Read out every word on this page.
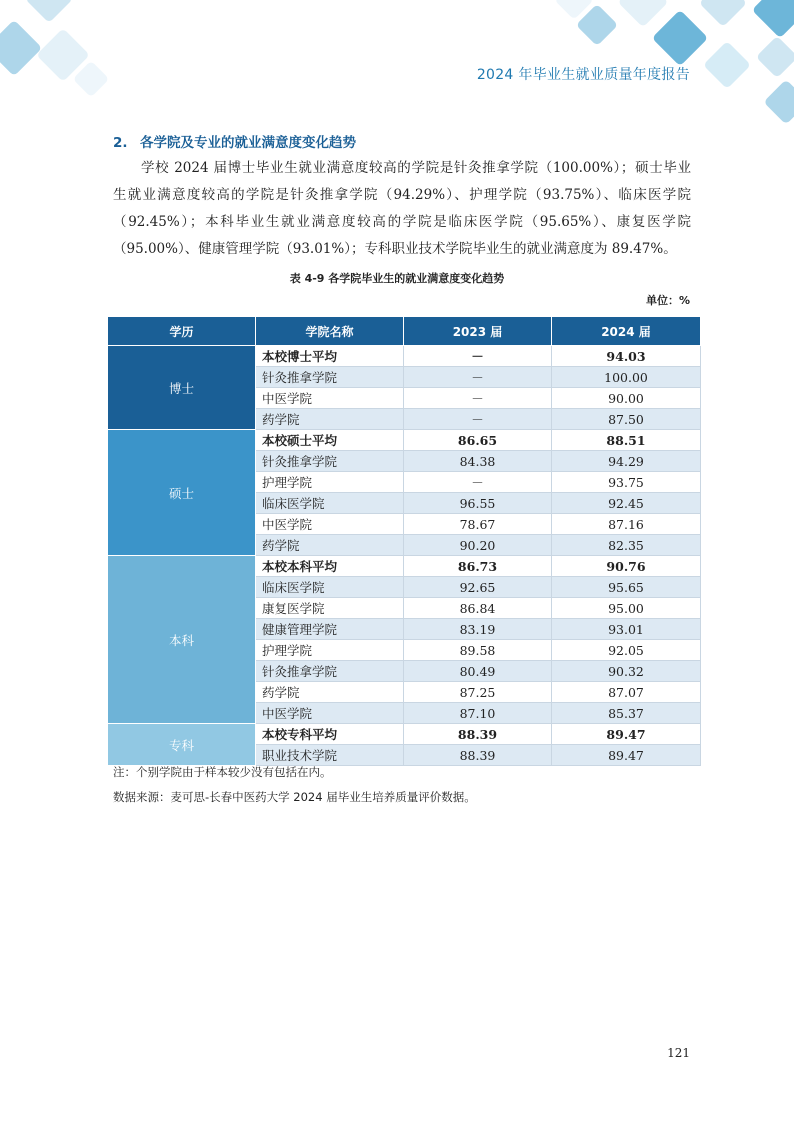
2024 年毕业生就业质量年度报告
2. 各学院及专业的就业满意度变化趋势
学校 2024 届博士毕业生就业满意度较高的学院是针灸推拿学院（100.00%）；硕士毕业
生就业满意度较高的学院是针灸推拿学院（94.29%）、护理学院（93.75%）、临床医学院
（92.45%）；本科毕业生就业满意度较高的学院是临床医学院（95.65%）、康复医学院
（95.00%）、健康管理学院（93.01%）；专科职业技术学院毕业生的就业满意度为 89.47%。
表 4-9 各学院毕业生的就业满意度变化趋势
单位：%
学历	学院名称	2023 届	2024 届
博士	本校博士平均	－	94.03
	针灸推拿学院	－	100.00
	中医学院	－	90.00
	药学院	－	87.50
硕士	本校硕士平均	86.65	88.51
	针灸推拿学院	84.38	94.29
	护理学院	－	93.75
	临床医学院	96.55	92.45
	中医学院	78.67	87.16
	药学院	90.20	82.35
本科	本校本科平均	86.73	90.76
	临床医学院	92.65	95.65
	康复医学院	86.84	95.00
	健康管理学院	83.19	93.01
	护理学院	89.58	92.05
	针灸推拿学院	80.49	90.32
	药学院	87.25	87.07
	中医学院	87.10	85.37
专科	本校专科平均	88.39	89.47
	职业技术学院	88.39	89.47
注：个别学院由于样本较少没有包括在内。
数据来源：麦可思-长春中医药大学 2024 届毕业生培养质量评价数据。
121
